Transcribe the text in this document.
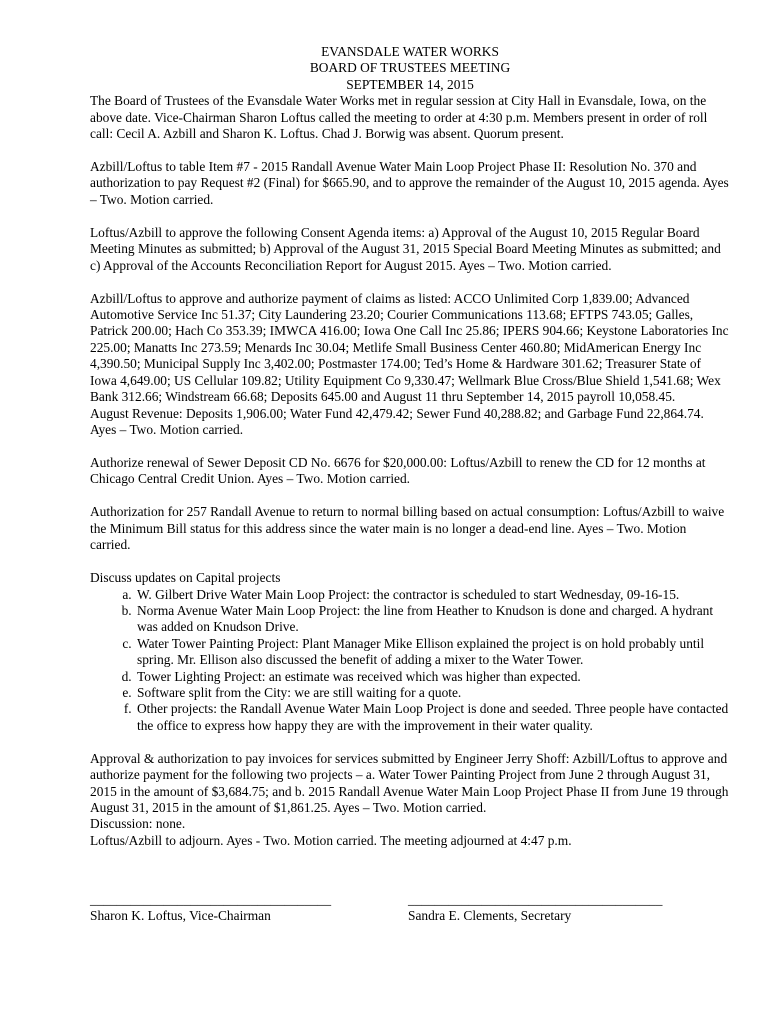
EVANSDALE WATER WORKS
BOARD OF TRUSTEES MEETING
SEPTEMBER 14, 2015

The Board of Trustees of the Evansdale Water Works met in regular session at City Hall in Evansdale, Iowa, on the above date. Vice-Chairman Sharon Loftus called the meeting to order at 4:30 p.m. Members present in order of roll call: Cecil A. Azbill and Sharon K. Loftus. Chad J. Borwig was absent. Quorum present.

Azbill/Loftus to table Item #7 - 2015 Randall Avenue Water Main Loop Project Phase II: Resolution No. 370 and authorization to pay Request #2 (Final) for $665.90, and to approve the remainder of the August 10, 2015 agenda. Ayes – Two. Motion carried.

Loftus/Azbill to approve the following Consent Agenda items: a) Approval of the August 10, 2015 Regular Board Meeting Minutes as submitted; b) Approval of the August 31, 2015 Special Board Meeting Minutes as submitted; and c) Approval of the Accounts Reconciliation Report for August 2015. Ayes – Two. Motion carried.

Azbill/Loftus to approve and authorize payment of claims as listed: ACCO Unlimited Corp 1,839.00; Advanced Automotive Service Inc 51.37; City Laundering 23.20; Courier Communications 113.68; EFTPS 743.05; Galles, Patrick 200.00; Hach Co 353.39; IMWCA 416.00; Iowa One Call Inc 25.86; IPERS 904.66; Keystone Laboratories Inc 225.00; Manatts Inc 273.59; Menards Inc 30.04; Metlife Small Business Center 460.80; MidAmerican Energy Inc 4,390.50; Municipal Supply Inc 3,402.00; Postmaster 174.00; Ted’s Home & Hardware 301.62; Treasurer State of Iowa 4,649.00; US Cellular 109.82; Utility Equipment Co 9,330.47; Wellmark Blue Cross/Blue Shield 1,541.68; Wex Bank 312.66; Windstream 66.68; Deposits 645.00 and August 11 thru September 14, 2015 payroll 10,058.45.

August Revenue: Deposits 1,906.00; Water Fund 42,479.42; Sewer Fund 40,288.82; and Garbage Fund 22,864.74. Ayes – Two. Motion carried.

Authorize renewal of Sewer Deposit CD No. 6676 for $20,000.00: Loftus/Azbill to renew the CD for 12 months at Chicago Central Credit Union. Ayes – Two. Motion carried.

Authorization for 257 Randall Avenue to return to normal billing based on actual consumption: Loftus/Azbill to waive the Minimum Bill status for this address since the water main is no longer a dead-end line. Ayes – Two. Motion carried.

Discuss updates on Capital projects

a. W. Gilbert Drive Water Main Loop Project: the contractor is scheduled to start Wednesday, 09-16-15.
b. Norma Avenue Water Main Loop Project: the line from Heather to Knudson is done and charged. A hydrant was added on Knudson Drive.
c. Water Tower Painting Project: Plant Manager Mike Ellison explained the project is on hold probably until spring. Mr. Ellison also discussed the benefit of adding a mixer to the Water Tower.
d. Tower Lighting Project: an estimate was received which was higher than expected.
e. Software split from the City: we are still waiting for a quote.
f. Other projects: the Randall Avenue Water Main Loop Project is done and seeded. Three people have contacted the office to express how happy they are with the improvement in their water quality.

Approval & authorization to pay invoices for services submitted by Engineer Jerry Shoff: Azbill/Loftus to approve and authorize payment for the following two projects – a. Water Tower Painting Project from June 2 through August 31, 2015 in the amount of $3,684.75; and b. 2015 Randall Avenue Water Main Loop Project Phase II from June 19 through August 31, 2015 in the amount of $1,861.25. Ayes – Two. Motion carried.

Discussion: none.

Loftus/Azbill to adjourn. Ayes - Two. Motion carried. The meeting adjourned at 4:47 p.m.

____________________________________
Sharon K. Loftus, Vice-Chairman
______________________________________
Sandra E. Clements, Secretary
